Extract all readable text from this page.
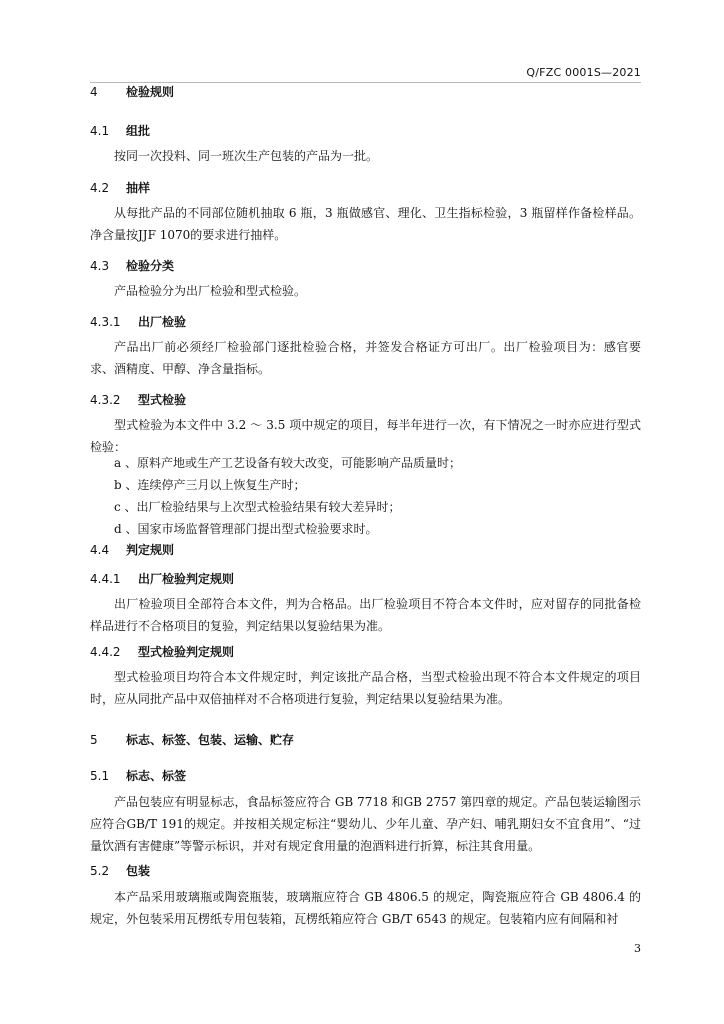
Q/FZC 0001S—2021
4 检验规则
4.1 组批
按同一次投料、同一班次生产包装的产品为一批。
4.2 抽样
从每批产品的不同部位随机抽取 6 瓶，3 瓶做感官、理化、卫生指标检验，3 瓶留样作备检样品。净含量按JJF 1070的要求进行抽样。
4.3 检验分类
产品检验分为出厂检验和型式检验。
4.3.1 出厂检验
产品出厂前必须经厂检验部门逐批检验合格，并签发合格证方可出厂。出厂检验项目为：感官要求、酒精度、甲醇、净含量指标。
4.3.2 型式检验
型式检验为本文件中 3.2 ～ 3.5 项中规定的项目，每半年进行一次，有下情况之一时亦应进行型式检验：
a 、原料产地或生产工艺设备有较大改变，可能影响产品质量时；
b 、连续停产三月以上恢复生产时；
c 、出厂检验结果与上次型式检验结果有较大差异时；
d 、国家市场监督管理部门提出型式检验要求时。
4.4 判定规则
4.4.1 出厂检验判定规则
出厂检验项目全部符合本文件，判为合格品。出厂检验项目不符合本文件时，应对留存的同批备检样品进行不合格项目的复验，判定结果以复验结果为准。
4.4.2 型式检验判定规则
型式检验项目均符合本文件规定时，判定该批产品合格，当型式检验出现不符合本文件规定的项目时，应从同批产品中双倍抽样对不合格项进行复验，判定结果以复验结果为准。
5 标志、标签、包装、运输、贮存
5.1 标志、标签
产品包装应有明显标志，食品标签应符合 GB 7718 和GB 2757 第四章的规定。产品包装运输图示应符合GB/T 191的规定。并按相关规定标注“婴幼儿、少年儿童、孕产妇、哺乳期妇女不宜食用”、“过量饮酒有害健康”等警示标识，并对有规定食用量的泡酒料进行折算，标注其食用量。
5.2 包装
本产品采用玻璃瓶或陶瓷瓶装，玻璃瓶应符合 GB 4806.5 的规定，陶瓷瓶应符合 GB 4806.4 的规定，外包装采用瓦楞纸专用包装箱，瓦楞纸箱应符合 GB/T 6543 的规定。包装箱内应有间隔和衬
3
